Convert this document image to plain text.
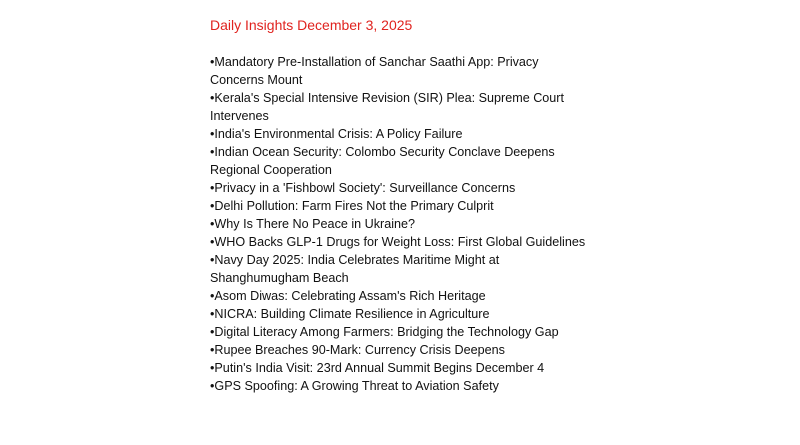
Daily Insights December 3, 2025
•Mandatory Pre-Installation of Sanchar Saathi App: Privacy Concerns Mount
•Kerala's Special Intensive Revision (SIR) Plea: Supreme Court Intervenes
•India's Environmental Crisis: A Policy Failure
•Indian Ocean Security: Colombo Security Conclave Deepens Regional Cooperation
•Privacy in a 'Fishbowl Society': Surveillance Concerns
•Delhi Pollution: Farm Fires Not the Primary Culprit
•Why Is There No Peace in Ukraine?
•WHO Backs GLP-1 Drugs for Weight Loss: First Global Guidelines
•Navy Day 2025: India Celebrates Maritime Might at Shanghumugham Beach
•Asom Diwas: Celebrating Assam's Rich Heritage
•NICRA: Building Climate Resilience in Agriculture
•Digital Literacy Among Farmers: Bridging the Technology Gap
•Rupee Breaches 90-Mark: Currency Crisis Deepens
•Putin's India Visit: 23rd Annual Summit Begins December 4
•GPS Spoofing: A Growing Threat to Aviation Safety
